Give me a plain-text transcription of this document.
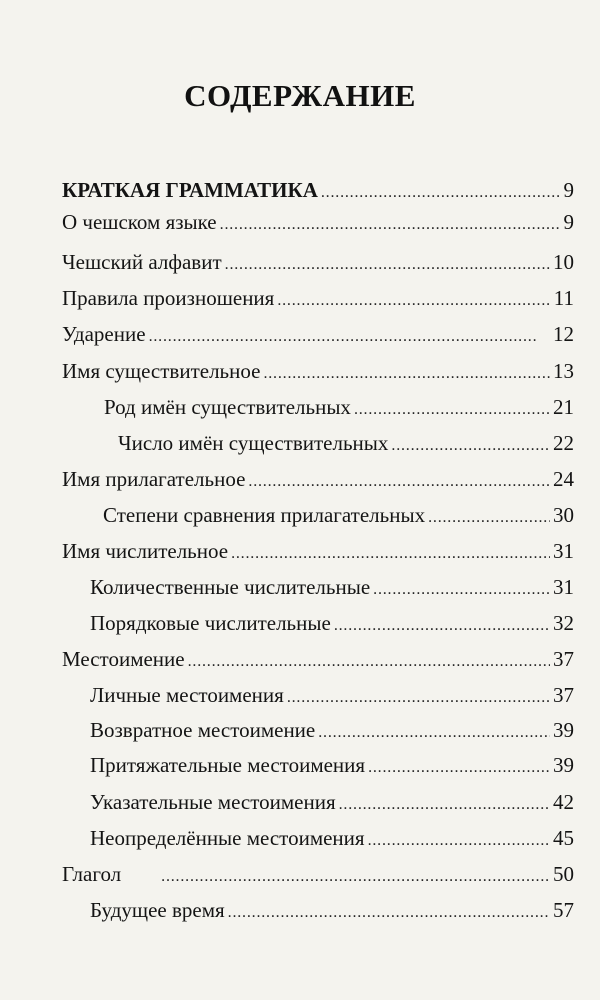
СОДЕРЖАНИЕ
КРАТКАЯ ГРАММАТИКА . . .	9
О чешском языке . . .	9
Чешский алфавит . . .	10
Правила произношения . . .	11
Ударение . . .	12
Имя существительное . . .	13
Род имён существительных . . .	21
Число имён существительных . . .	22
Имя прилагательное . . .	24
Степени сравнения прилагательных . . .	30
Имя числительное . . .	31
Количественные числительные . . .	31
Порядковые числительные . . .	32
Местоимение . . .	37
Личные местоимения . . .	37
Возвратное местоимение . . .	39
Притяжательные местоимения . . .	39
Указательные местоимения . . .	42
Неопределённые местоимения . . .	45
Глагол . . .	50
Будущее время . . .	57
